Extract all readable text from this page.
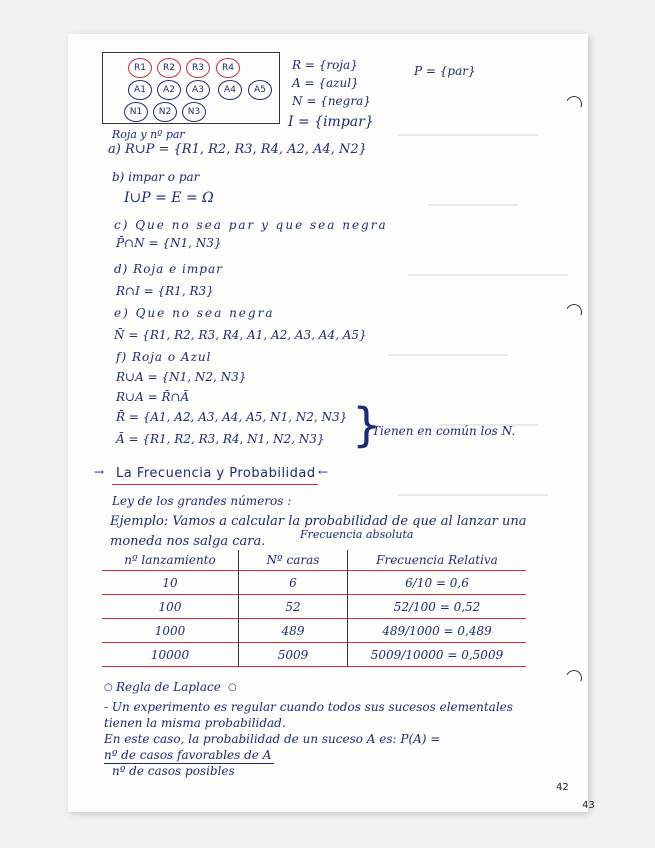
R1	R2	R3	R4
A1	A2	A3	A4	A5
N1	N2	N3
R = {roja}
A = {azul}
N = {negra}
I = {impar}
P = {par}
Roja y nº par
a) R∪P = {R1, R2, R3, R4, A2, A4, N2}
b) impar o par
I∪P = E = Ω
c) Que no sea par y que sea negra
P̄∩N = {N1, N3}
d) Roja e impar
R∩I = {R1, R3}
e) Que no sea negra
N̄ = {R1, R2, R3, R4, A1, A2, A3, A4, A5}
f) Roja o Azul
R∪A = {N1, N2, N3}
R∪A = R̄∩Ā
R̄ = {A1, A2, A3, A4, A5, N1, N2, N3}
Ā = {R1, R2, R3, R4, N1, N2, N3} }
Tienen en común los N.
→ La Frecuencia y Probabilidad ←
Ley de los grandes números :
Ejemplo: Vamos a calcular la probabilidad de que al lanzar una
moneda nos salga cara.	Frecuencia absoluta
nº lanzamiento	Nº caras	Frecuencia Relativa
10	6	6/10 = 0,6
100	52	52/100 = 0,52
1000	489	489/1000 = 0,489
10000	5009	5009/10000 = 0,5009
○ Regla de Laplace ○
- Un experimento es regular cuando todos sus sucesos elementales
tienen la misma probabilidad.
En este caso, la probabilidad de un suceso A es: P(A) =
nº de casos favorables de A
nº de casos posibles
42
43
